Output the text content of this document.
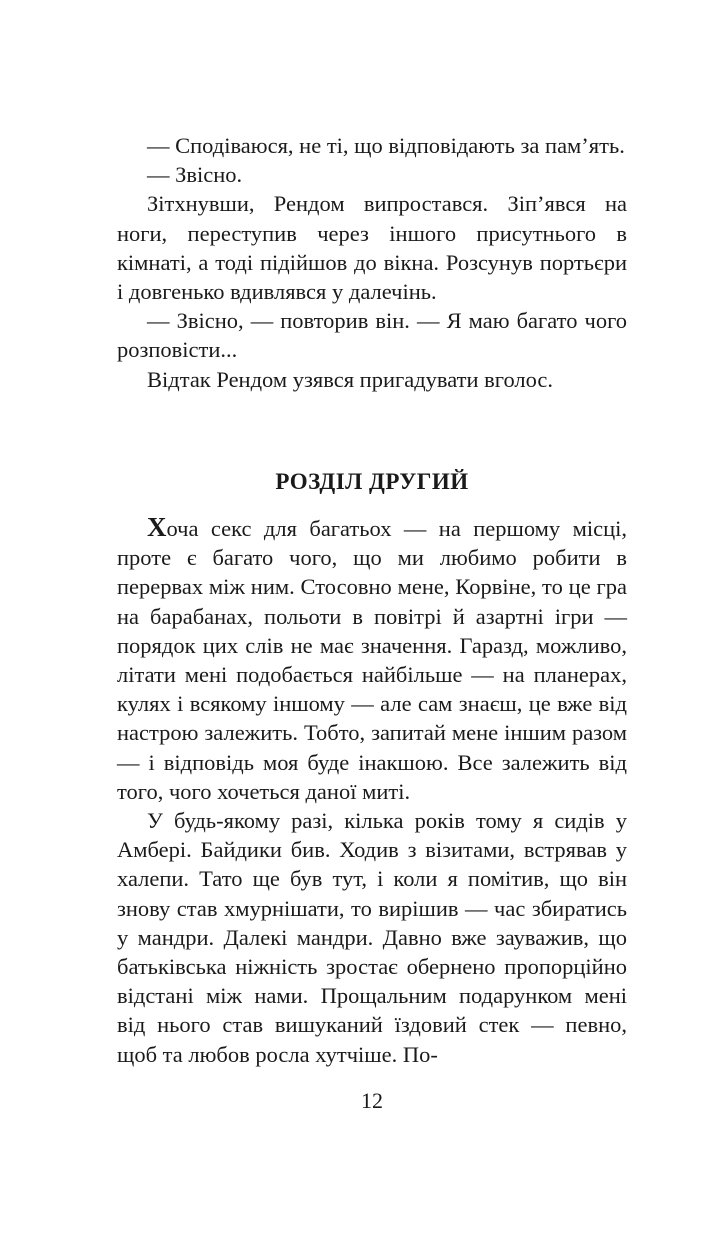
— Сподіваюся, не ті, що відповідають за пам’ять.

— Звісно.

Зітхнувши, Рендом випростався. Зіп’явся на ноги, переступив через іншого присутнього в кімнаті, а тоді підійшов до вікна. Розсунув портьєри і довгенько вдивлявся у далечінь.

— Звісно, — повторив він. — Я маю багато чого розповісти...

Відтак Рендом узявся пригадувати вголос.

РОЗДІЛ ДРУГИЙ

Хоча секс для багатьох — на першому місці, проте є багато чого, що ми любимо робити в перервах між ним. Стосовно мене, Корвіне, то це гра на барабанах, польоти в повітрі й азартні ігри — порядок цих слів не має значення. Гаразд, можливо, літати мені подобається найбільше — на планерах, кулях і всякому іншому — але сам знаєш, це вже від настрою залежить. Тобто, запитай мене іншим разом — і відповідь моя буде інакшою. Все залежить від того, чого хочеться даної миті.

У будь-якому разі, кілька років тому я сидів у Амбері. Байдики бив. Ходив з візитами, встрявав у халепи. Тато ще був тут, і коли я помітив, що він знову став хмурнішати, то вирішив — час збиратись у мандри. Далекі мандри. Давно вже зауважив, що батьківська ніжність зростає обернено пропорційно відстані між нами. Прощальним подарунком мені від нього став вишуканий їздовий стек — певно, щоб та любов росла хутчіше. По-

12
